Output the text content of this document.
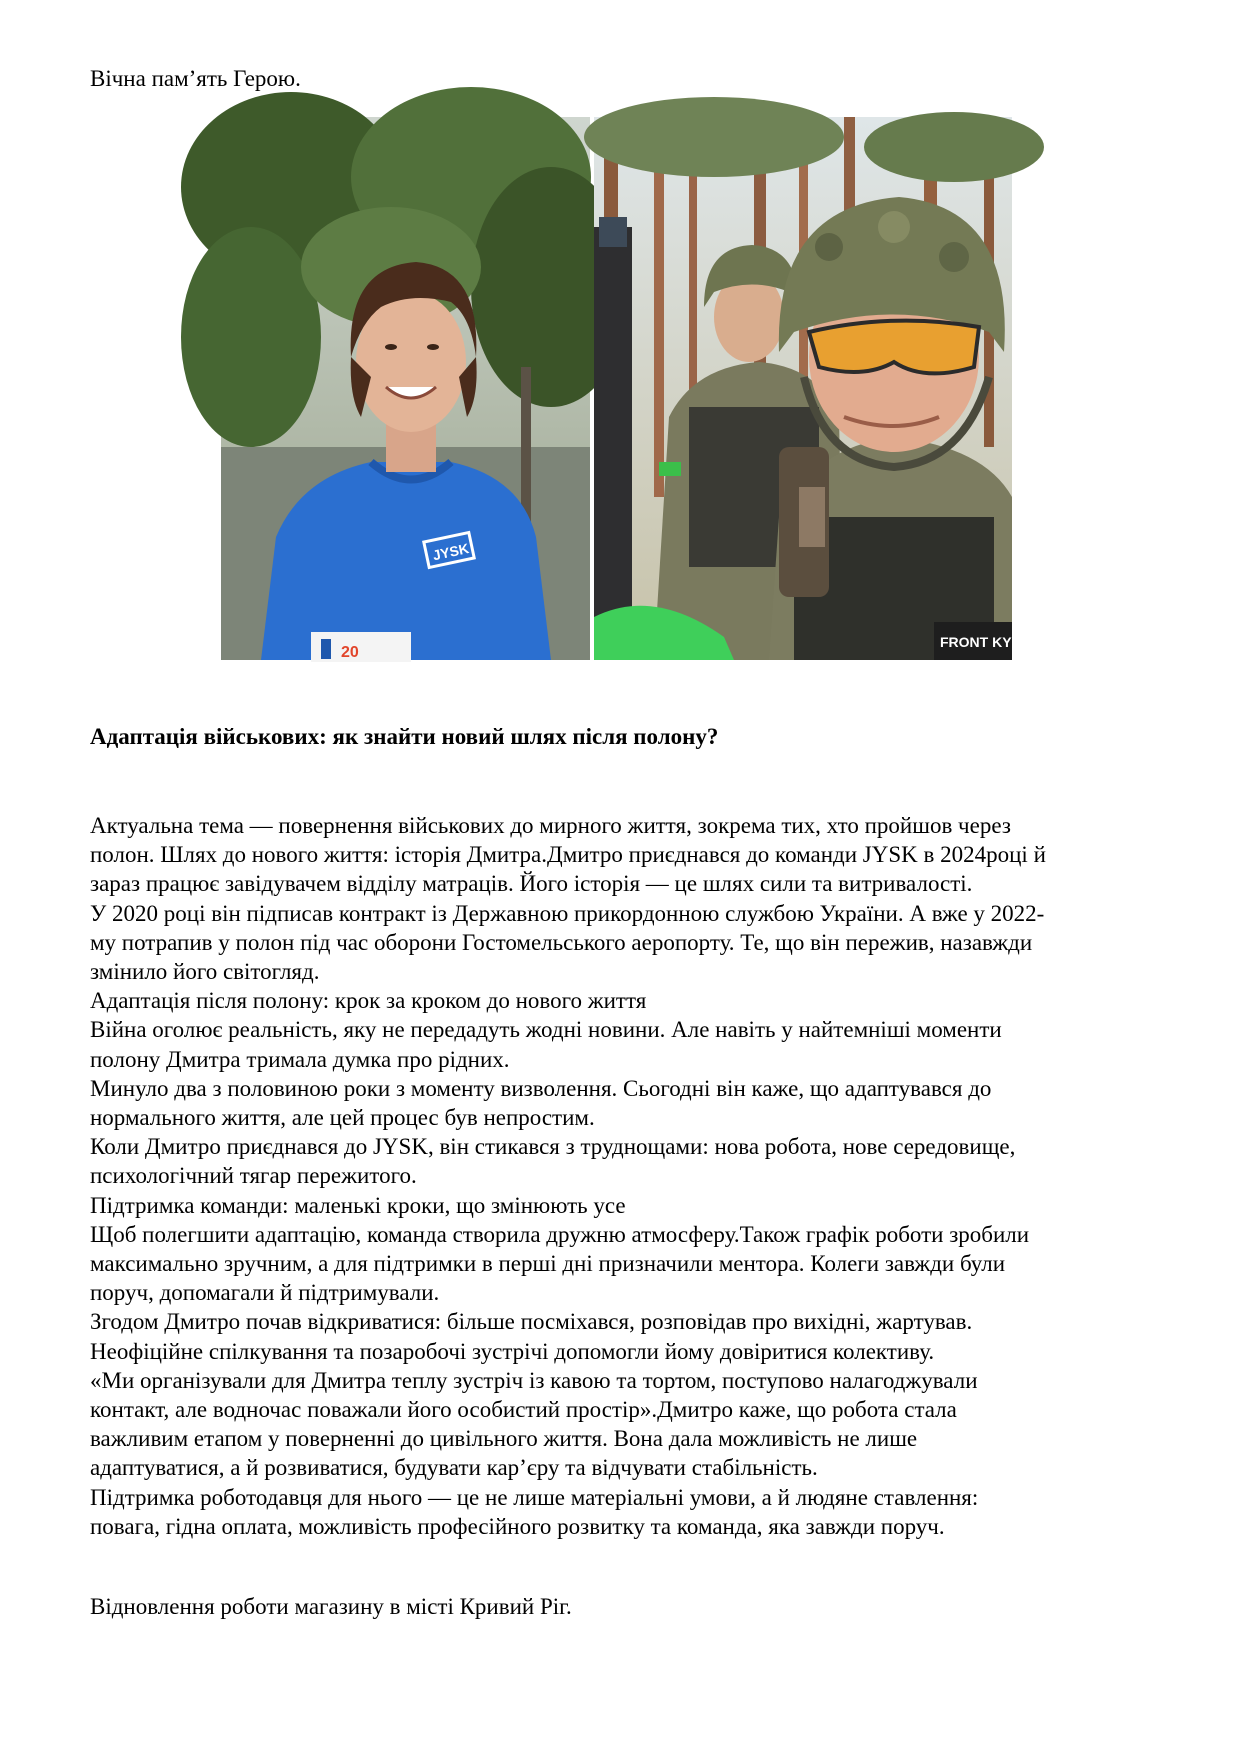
Вічна пам’ять Герою.

JYSK
20
FRONT KYIV

Адаптація військових: як знайти новий шлях після полону?

Актуальна тема — повернення військових до мирного життя, зокрема тих, хто пройшов через
полон. Шлях до нового життя: історія Дмитра.Дмитро приєднався до команди JYSK в 2024році й
зараз працює завідувачем відділу матраців. Його історія — це шлях сили та витривалості.
У 2020 році він підписав контракт із Державною прикордонною службою України. А вже у 2022-
му потрапив у полон під час оборони Гостомельського аеропорту. Те, що він пережив, назавжди
змінило його світогляд.
Адаптація після полону: крок за кроком до нового життя
Війна оголює реальність, яку не передадуть жодні новини. Але навіть у найтемніші моменти
полону Дмитра тримала думка про рідних.
Минуло два з половиною роки з моменту визволення. Сьогодні він каже, що адаптувався до
нормального життя, але цей процес був непростим.
Коли Дмитро приєднався до JYSK, він стикався з труднощами: нова робота, нове середовище,
психологічний тягар пережитого.
Підтримка команди: маленькі кроки, що змінюють усе
Щоб полегшити адаптацію, команда створила дружню атмосферу.Також графік роботи зробили
максимально зручним, а для підтримки в перші дні призначили ментора. Колеги завжди були
поруч, допомагали й підтримували.
Згодом Дмитро почав відкриватися: більше посміхався, розповідав про вихідні, жартував.
Неофіційне спілкування та позаробочі зустрічі допомогли йому довіритися колективу.
«Ми організували для Дмитра теплу зустріч із кавою та тортом, поступово налагоджували
контакт, але водночас поважали його особистий простір».Дмитро каже, що робота стала
важливим етапом у поверненні до цивільного життя. Вона дала можливість не лише
адаптуватися, а й розвиватися, будувати кар’єру та відчувати стабільність.
Підтримка роботодавця для нього — це не лише матеріальні умови, а й людяне ставлення:
повага, гідна оплата, можливість професійного розвитку та команда, яка завжди поруч.

Відновлення роботи магазину в місті Кривий Ріг.
